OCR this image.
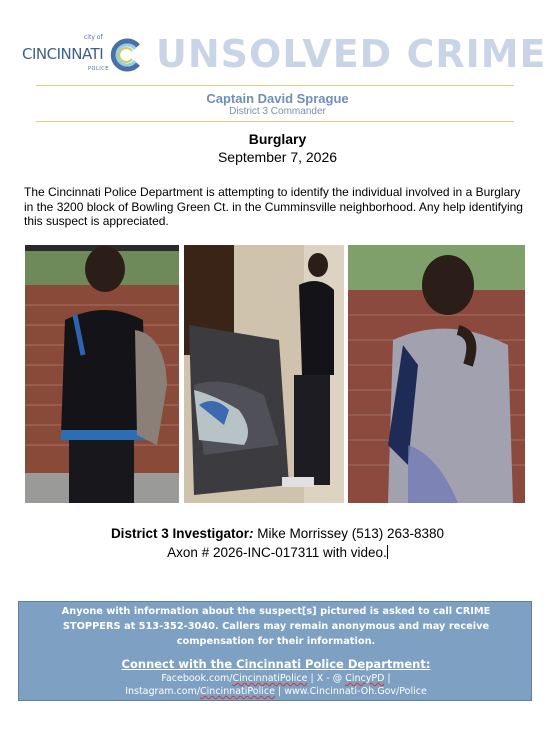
city of
CINCINNATI
POLICE UNSOLVED CRIME
Captain David Sprague
District 3 Commander
Burglary
September 7, 2026
The Cincinnati Police Department is attempting to identify the individual involved in a Burglary in the 3200 block of Bowling Green Ct. in the Cumminsville neighborhood. Any help identifying this suspect is appreciated.
District 3 Investigator: Mike Morrissey (513) 263-8380
Axon # 2026-INC-017311 with video.
Anyone with information about the suspect[s] pictured is asked to call CRIME STOPPERS at 513-352-3040. Callers may remain anonymous and may receive compensation for their information.
Connect with the Cincinnati Police Department:
Facebook.com/CincinnatiPolice | X - @ CincyPD |
Instagram.com/CincinnatiPolice | www.Cincinnati-Oh.Gov/Police
